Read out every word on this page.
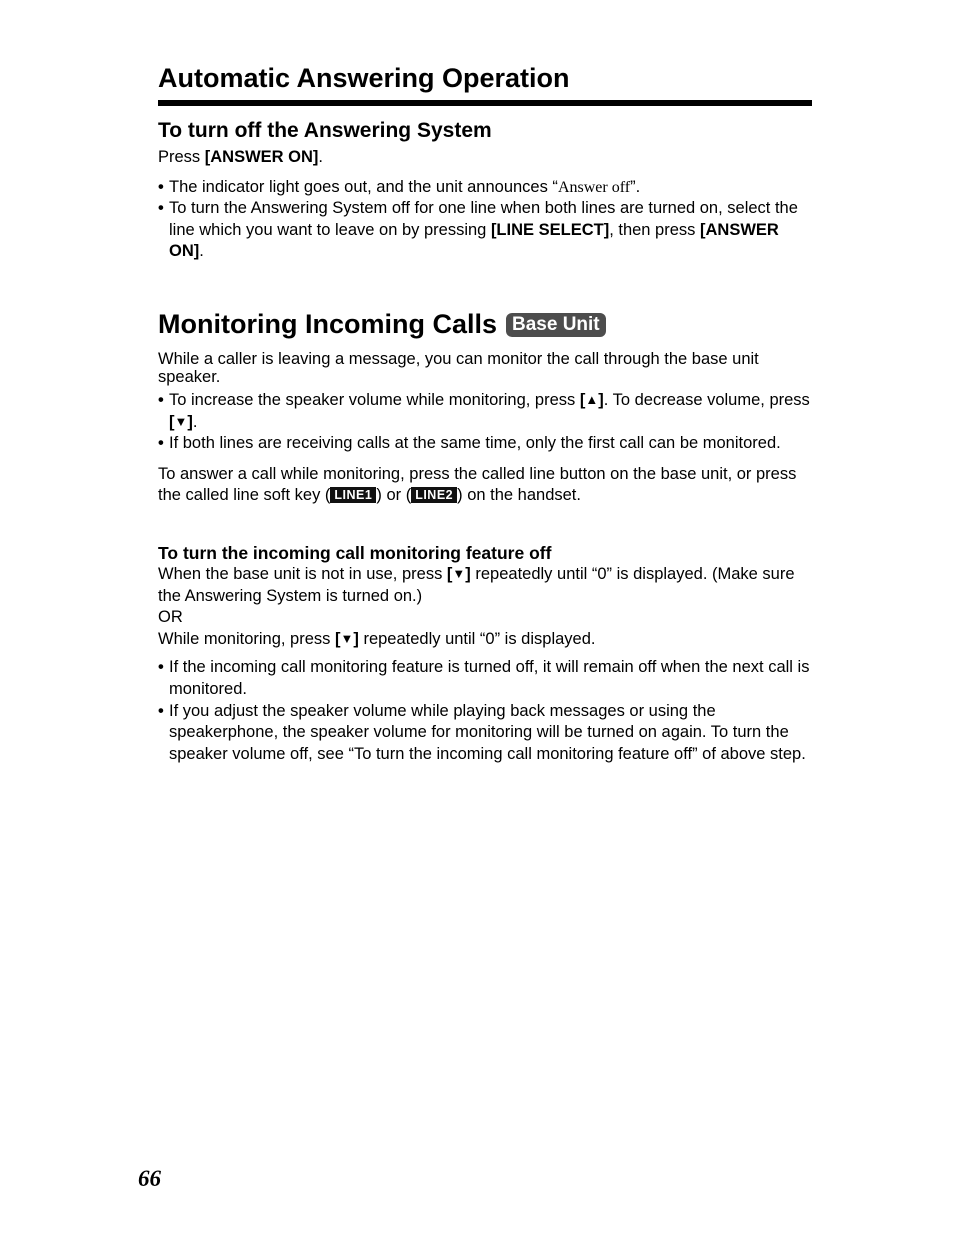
Automatic Answering Operation
To turn off the Answering System

Press [ANSWER ON].

• The indicator light goes out, and the unit announces “Answer off”.
• To turn the Answering System off for one line when both lines are turned on, select the line which you want to leave on by pressing [LINE SELECT], then press [ANSWER ON].
Monitoring Incoming Calls Base Unit

While a caller is leaving a message, you can monitor the call through the base unit speaker.

• To increase the speaker volume while monitoring, press [▲]. To decrease volume, press [▼].
• If both lines are receiving calls at the same time, only the first call can be monitored.

To answer a call while monitoring, press the called line button on the base unit, or press the called line soft key ( LINE1 ) or ( LINE2 ) on the handset.

To turn the incoming call monitoring feature off

When the base unit is not in use, press [▼] repeatedly until “0” is displayed. (Make sure the Answering System is turned on.)

OR

While monitoring, press [▼] repeatedly until “0” is displayed.

• If the incoming call monitoring feature is turned off, it will remain off when the next call is monitored.
• If you adjust the speaker volume while playing back messages or using the speakerphone, the speaker volume for monitoring will be turned on again. To turn the speaker volume off, see “To turn the incoming call monitoring feature off” of above step.
66
